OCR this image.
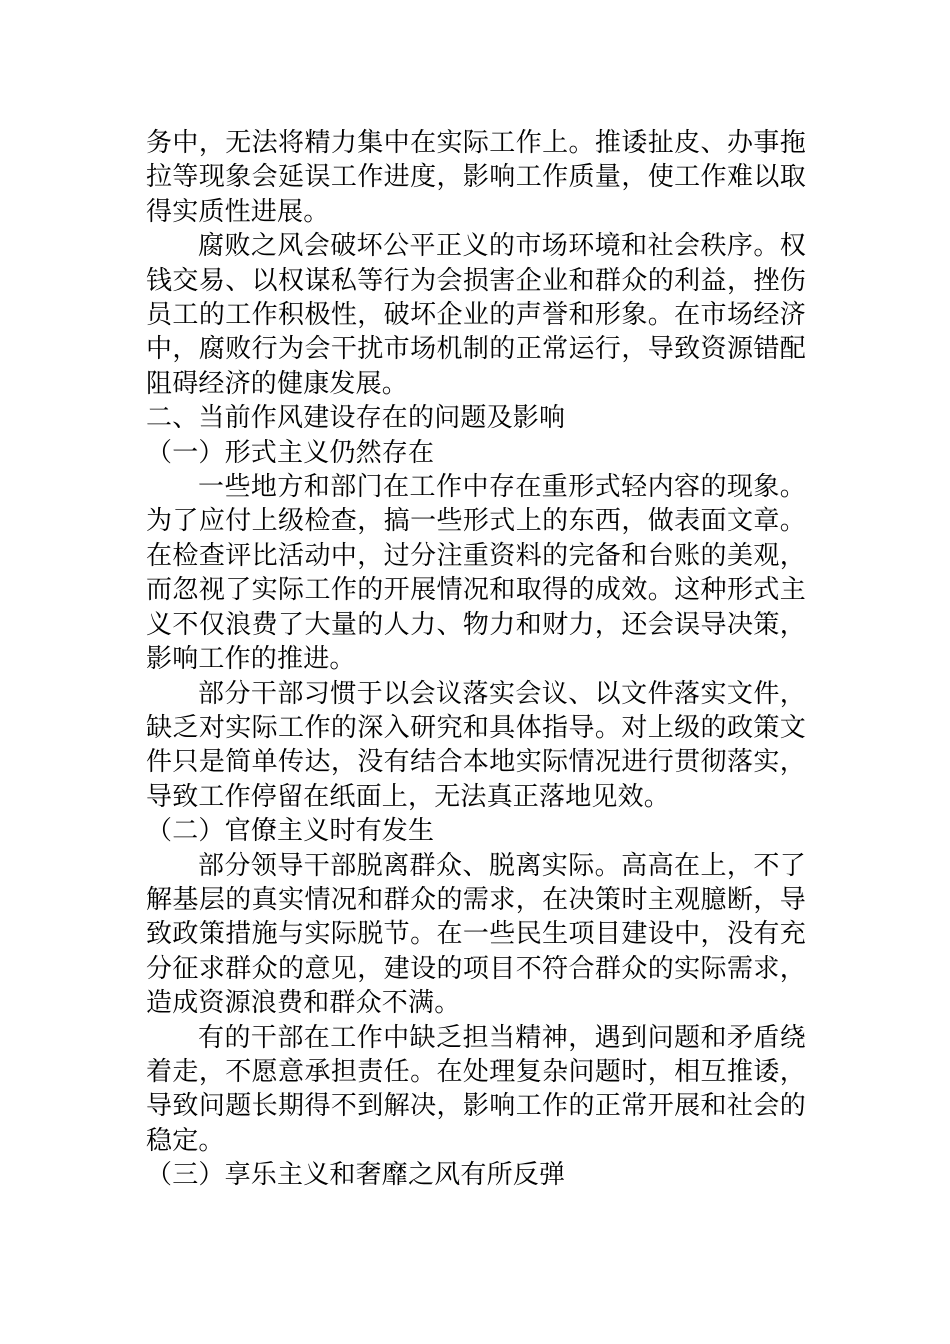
务中，无法将精力集中在实际工作上。推诿扯皮、办事拖拉等现象会延误工作进度，影响工作质量，使工作难以取得实质性进展。

腐败之风会破坏公平正义的市场环境和社会秩序。权钱交易、以权谋私等行为会损害企业和群众的利益，挫伤员工的工作积极性，破坏企业的声誉和形象。在市场经济中，腐败行为会干扰市场机制的正常运行，导致资源错配阻碍经济的健康发展。

二、当前作风建设存在的问题及影响

（一）形式主义仍然存在

一些地方和部门在工作中存在重形式轻内容的现象。为了应付上级检查，搞一些形式上的东西，做表面文章。在检查评比活动中，过分注重资料的完备和台账的美观，而忽视了实际工作的开展情况和取得的成效。这种形式主义不仅浪费了大量的人力、物力和财力，还会误导决策，影响工作的推进。

部分干部习惯于以会议落实会议、以文件落实文件，缺乏对实际工作的深入研究和具体指导。对上级的政策文件只是简单传达，没有结合本地实际情况进行贯彻落实，导致工作停留在纸面上，无法真正落地见效。

（二）官僚主义时有发生

部分领导干部脱离群众、脱离实际。高高在上，不了解基层的真实情况和群众的需求，在决策时主观臆断，导致政策措施与实际脱节。在一些民生项目建设中，没有充分征求群众的意见，建设的项目不符合群众的实际需求，造成资源浪费和群众不满。

有的干部在工作中缺乏担当精神，遇到问题和矛盾绕着走，不愿意承担责任。在处理复杂问题时，相互推诿，导致问题长期得不到解决，影响工作的正常开展和社会的稳定。

（三）享乐主义和奢靡之风有所反弹
